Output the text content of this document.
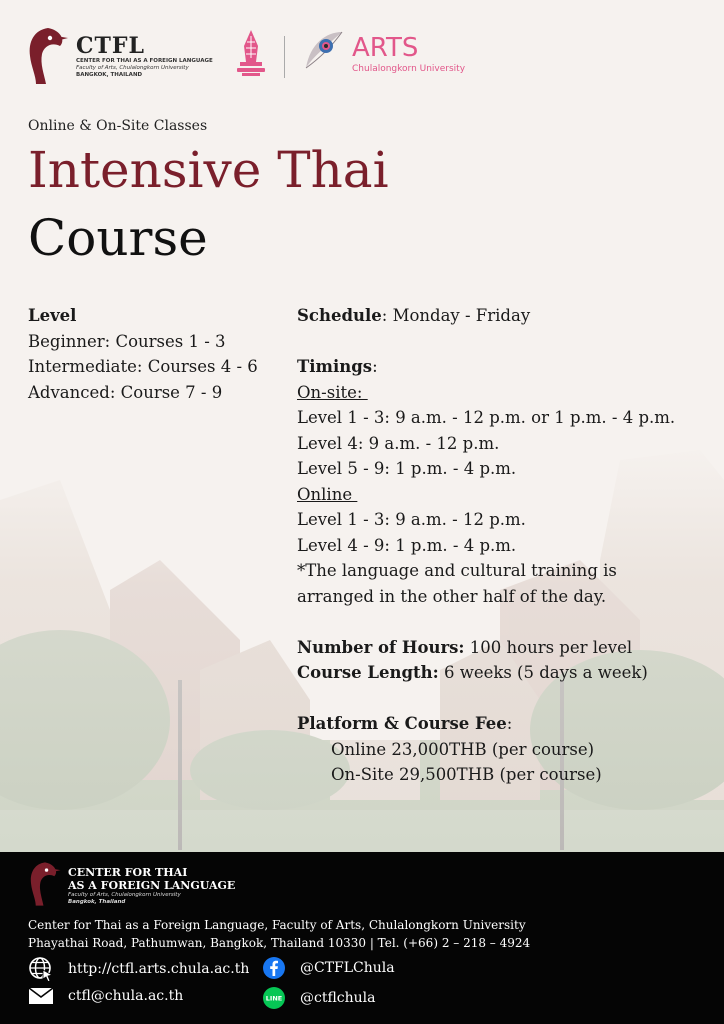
CTFL
CENTER FOR THAI AS A FOREIGN LANGUAGE
Faculty of Arts, Chulalongkorn University
BANGKOK, THAILAND
ARTS
Chulalongkorn University
Online & On-Site Classes
Intensive Thai
Course
Level
Beginner: Courses 1 - 3
Intermediate: Courses 4 - 6
Advanced: Course 7 - 9
Schedule: Monday - Friday
Timings:
On-site:
Level 1 - 3: 9 a.m. - 12 p.m. or 1 p.m. - 4 p.m.
Level 4: 9 a.m. - 12 p.m.
Level 5 - 9: 1 p.m. - 4 p.m.
Online
Level 1 - 3: 9 a.m. - 12 p.m.
Level 4 - 9: 1 p.m. - 4 p.m.
*The language and cultural training is
arranged in the other half of the day.
Number of Hours: 100 hours per level
Course Length: 6 weeks (5 days a week)
Platform & Course Fee:
Online 23,000THB (per course)
On-Site 29,500THB (per course)
CENTER FOR THAI
AS A FOREIGN LANGUAGE
Faculty of Arts, Chulalongkorn University
Bangkok, Thailand
Center for Thai as a Foreign Language, Faculty of Arts, Chulalongkorn University
Phayathai Road, Pathumwan, Bangkok, Thailand 10330 | Tel. (+66) 2 – 218 – 4924
http://ctfl.arts.chula.ac.th	@CTFLChula
ctfl@chula.ac.th	LINE @ctflchula
